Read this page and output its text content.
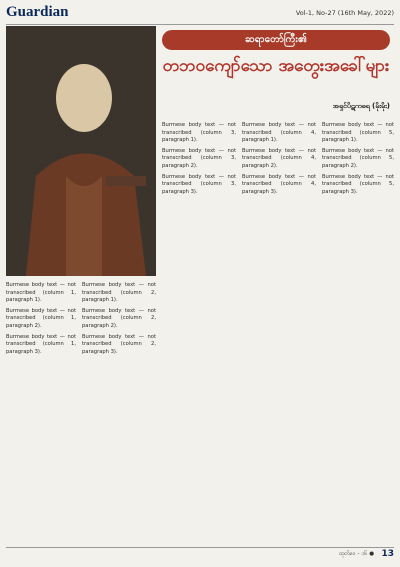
Guardian	Vol-1, No-27 (16th May, 2022)
ဆရာတော်ကြီး၏
တဘဝကျော်သော အတွေးအခေါ်များ
အရှင်ပိဋကဓရ (မိုးမိုး)

Burmese body text — not transcribed (column 1, paragraph 1).

Burmese body text — not transcribed (column 1, paragraph 2).

Burmese body text — not transcribed (column 1, paragraph 3).

Burmese body text — not transcribed (column 2, paragraph 1).

Burmese body text — not transcribed (column 2, paragraph 2).

Burmese body text — not transcribed (column 2, paragraph 3).

Burmese body text — not transcribed (column 3, paragraph 1).

Burmese body text — not transcribed (column 3, paragraph 2).

Burmese body text — not transcribed (column 3, paragraph 3).

Burmese body text — not transcribed (column 4, paragraph 1).

Burmese body text — not transcribed (column 4, paragraph 2).

Burmese body text — not transcribed (column 4, paragraph 3).

Burmese body text — not transcribed (column 5, paragraph 1).

Burmese body text — not transcribed (column 5, paragraph 2).

Burmese body text — not transcribed (column 5, paragraph 3).

ထုတ်ဝေ - ၁၆ ● 13
